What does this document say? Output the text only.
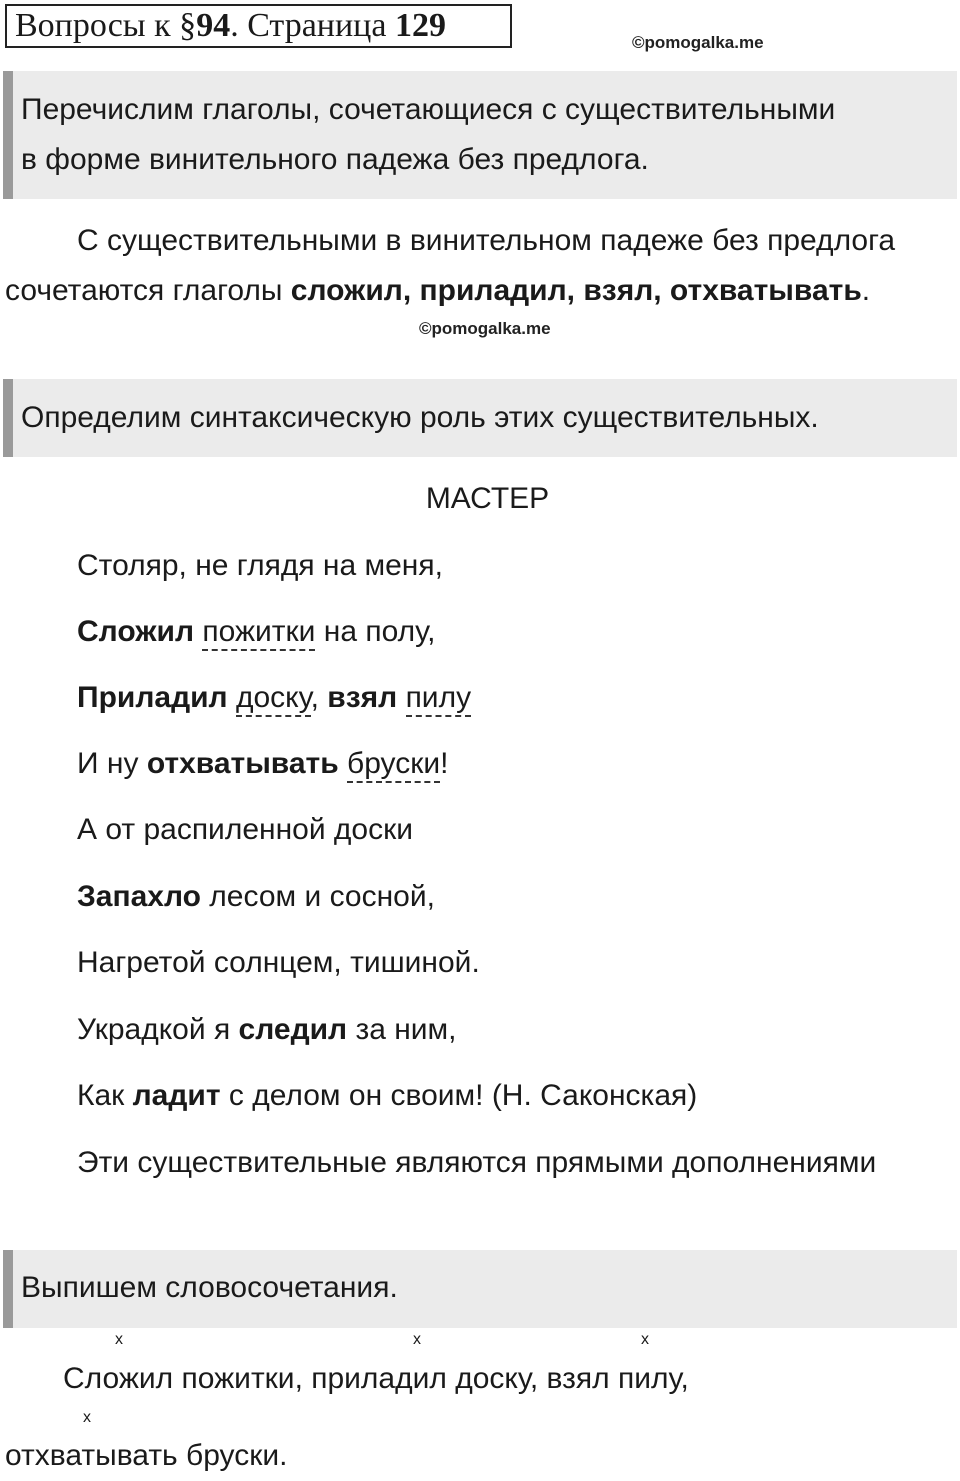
Вопросы к §94. Страница 129	©pomogalka.me
Перечислим глаголы, сочетающиеся с существительными
в форме винительного падежа без предлога.
С существительными в винительном падеже без предлога сочетаются глаголы сложил, приладил, взял, отхватывать.
©pomogalka.me
Определим синтаксическую роль этих существительных.
МАСТЕР
Столяр, не глядя на меня,
Сложил пожитки на полу,
Приладил доску, взял пилу
И ну отхватывать бруски!
А от распиленной доски
Запахло лесом и сосной,
Нагретой солнцем, тишиной.
Украдкой я следил за ним,
Как ладит с делом он своим! (Н. Саконская)
Эти существительные являются прямыми дополнениями
Выпишем словосочетания.
х	х	х
Сложил пожитки, приладил доску, взял пилу,
х
отхватывать бруски.
